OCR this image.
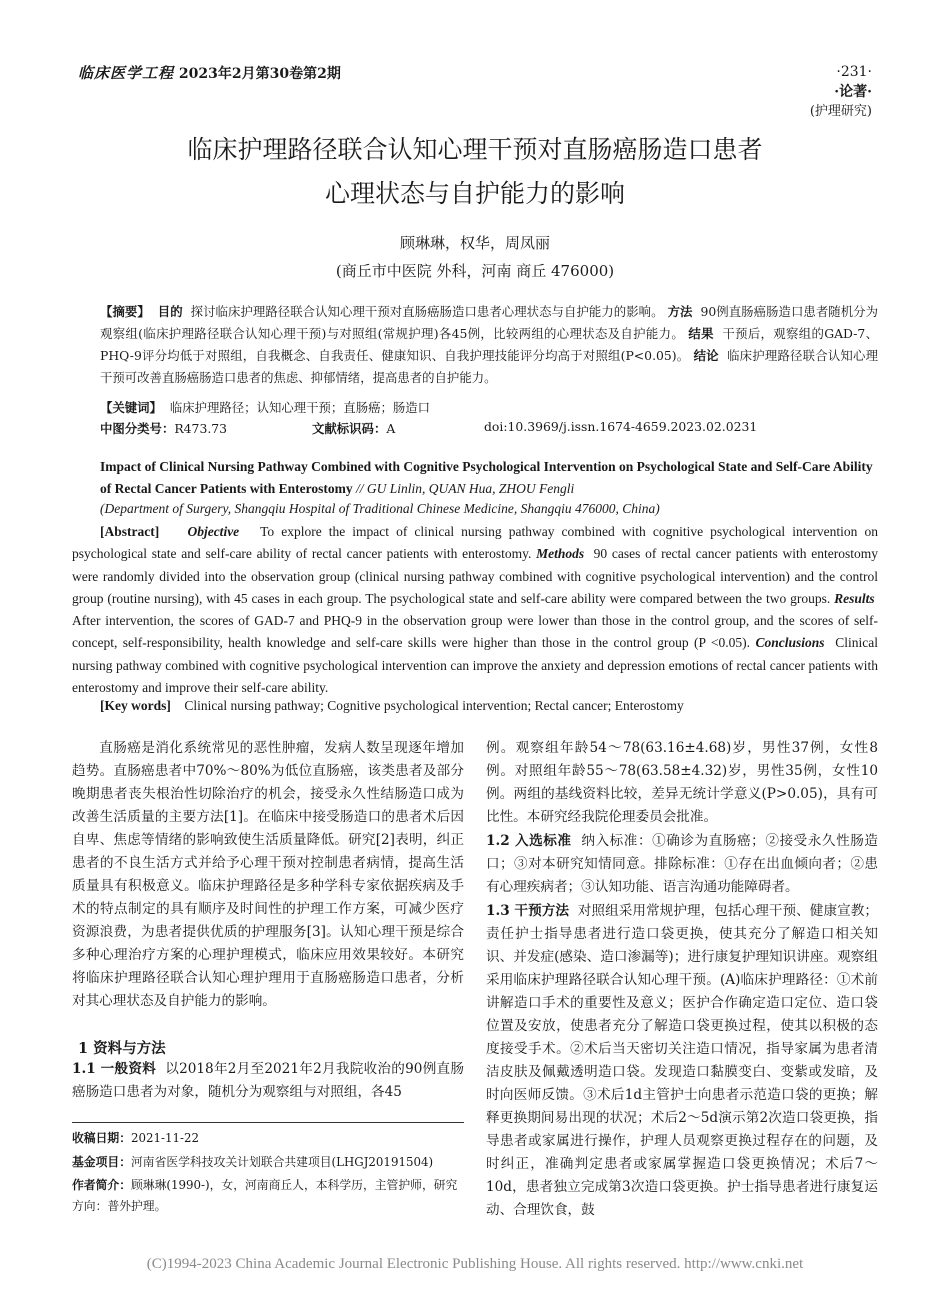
临床医学工程 2023年2月第30卷第2期	·231·
·论著·
(护理研究)
临床护理路径联合认知心理干预对直肠癌肠造口患者
心理状态与自护能力的影响
顾琳琳，权华，周凤丽
(商丘市中医院 外科，河南 商丘 476000)
【摘要】 目的 探讨临床护理路径联合认知心理干预对直肠癌肠造口患者心理状态与自护能力的影响。 方法 90例直肠癌肠造口患者随机分为观察组(临床护理路径联合认知心理干预)与对照组(常规护理)各45例，比较两组的心理状态及自护能力。 结果 干预后，观察组的GAD-7、PHQ-9评分均低于对照组，自我概念、自我责任、健康知识、自我护理技能评分均高于对照组(P<0.05)。 结论 临床护理路径联合认知心理干预可改善直肠癌肠造口患者的焦虑、抑郁情绪，提高患者的自护能力。
【关键词】 临床护理路径；认知心理干预；直肠癌；肠造口
中图分类号：R473.73	文献标识码：A	doi:10.3969/j.issn.1674-4659.2023.02.0231
Impact of Clinical Nursing Pathway Combined with Cognitive Psychological Intervention on Psychological State and Self-Care Ability of Rectal Cancer Patients with Enterostomy // GU Linlin, QUAN Hua, ZHOU Fengli
(Department of Surgery, Shangqiu Hospital of Traditional Chinese Medicine, Shangqiu 476000, China)
[Abstract] Objective To explore the impact of clinical nursing pathway combined with cognitive psychological intervention on psychological state and self-care ability of rectal cancer patients with enterostomy. Methods 90 cases of rectal cancer patients with enterostomy were randomly divided into the observation group (clinical nursing pathway combined with cognitive psychological intervention) and the control group (routine nursing), with 45 cases in each group. The psychological state and self-care ability were compared between the two groups. Results  After intervention, the scores of GAD-7 and PHQ-9 in the observation group were lower than those in the control group, and the scores of self-concept, self-responsibility, health knowledge and self-care skills were higher than those in the control group (P <0.05). Conclusions Clinical nursing pathway combined with cognitive psychological intervention can improve the anxiety and depression emotions of rectal cancer patients with enterostomy and improve their self-care ability.
[Key words] Clinical nursing pathway; Cognitive psychological intervention; Rectal cancer; Enterostomy
直肠癌是消化系统常见的恶性肿瘤，发病人数呈现逐年增加趋势。直肠癌患者中70%～80%为低位直肠癌，该类患者及部分晚期患者丧失根治性切除治疗的机会，接受永久性结肠造口成为改善生活质量的主要方法[1]。在临床中接受肠造口的患者术后因自卑、焦虑等情绪的影响致使生活质量降低。研究[2]表明，纠正患者的不良生活方式并给予心理干预对控制患者病情，提高生活质量具有积极意义。临床护理路径是多种学科专家依据疾病及手术的特点制定的具有顺序及时间性的护理工作方案，可减少医疗资源浪费，为患者提供优质的护理服务[3]。认知心理干预是综合多种心理治疗方案的心理护理模式，临床应用效果较好。本研究将临床护理路径联合认知心理护理用于直肠癌肠造口患者，分析对其心理状态及自护能力的影响。
1 资料与方法
1.1 一般资料 以2018年2月至2021年2月我院收治的90例直肠癌肠造口患者为对象，随机分为观察组与对照组，各45
收稿日期：2021-11-22
基金项目：河南省医学科技攻关计划联合共建项目(LHGJ20191504)
作者简介：顾琳琳(1990-)，女，河南商丘人，本科学历，主管护师，研究方向：普外护理。
例。观察组年龄54～78(63.16±4.68)岁，男性37例，女性8例。对照组年龄55～78(63.58±4.32)岁，男性35例，女性10例。两组的基线资料比较，差异无统计学意义(P>0.05)，具有可比性。本研究经我院伦理委员会批准。
1.2 入选标准 纳入标准：①确诊为直肠癌；②接受永久性肠造口；③对本研究知情同意。排除标准：①存在出血倾向者；②患有心理疾病者；③认知功能、语言沟通功能障碍者。
1.3 干预方法 对照组采用常规护理，包括心理干预、健康宣教；责任护士指导患者进行造口袋更换，使其充分了解造口相关知识、并发症(感染、造口渗漏等)；进行康复护理知识讲座。观察组采用临床护理路径联合认知心理干预。(A)临床护理路径：①术前讲解造口手术的重要性及意义；医护合作确定造口定位、造口袋位置及安放，使患者充分了解造口袋更换过程，使其以积极的态度接受手术。②术后当天密切关注造口情况，指导家属为患者清洁皮肤及佩戴透明造口袋。发现造口黏膜变白、变紫或发暗，及时向医师反馈。③术后1d主管护士向患者示范造口袋的更换；解释更换期间易出现的状况；术后2～5d演示第2次造口袋更换，指导患者或家属进行操作，护理人员观察更换过程存在的问题，及时纠正，准确判定患者或家属掌握造口袋更换情况；术后7～10d，患者独立完成第3次造口袋更换。护士指导患者进行康复运动、合理饮食，鼓
(C)1994-2023 China Academic Journal Electronic Publishing House. All rights reserved. http://www.cnki.net
